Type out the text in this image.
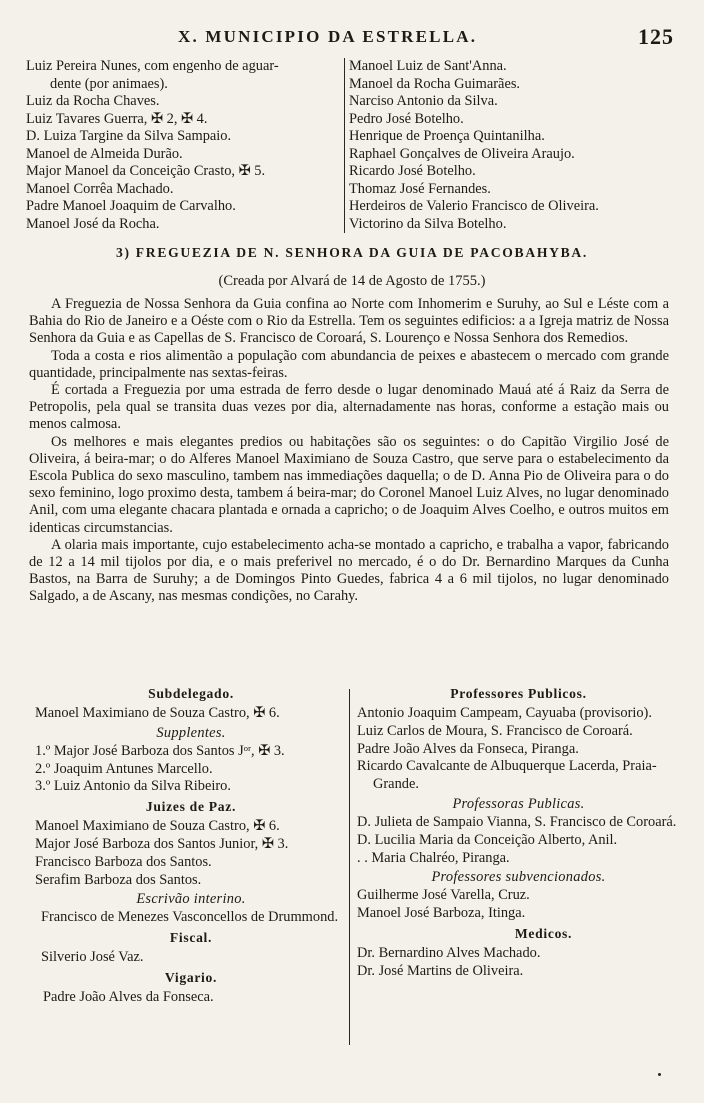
X. MUNICIPIO DA ESTRELLA.	125
Luiz Pereira Nunes, com engenho de aguar-
dente (por animaes).
Luiz da Rocha Chaves.
Luiz Tavares Guerra, ✠ 2, ✠ 4.
D. Luiza Targine da Silva Sampaio.
Manoel de Almeida Durão.
Major Manoel da Conceição Crasto, ✠ 5.
Manoel Corrêa Machado.
Padre Manoel Joaquim de Carvalho.
Manoel José da Rocha.
Manoel Luiz de Sant'Anna.
Manoel da Rocha Guimarães.
Narciso Antonio da Silva.
Pedro José Botelho.
Henrique de Proença Quintanilha.
Raphael Gonçalves de Oliveira Araujo.
Ricardo José Botelho.
Thomaz José Fernandes.
Herdeiros de Valerio Francisco de Oliveira.
Victorino da Silva Botelho.
3) FREGUEZIA DE N. SENHORA DA GUIA DE PACOBAHYBA.
(Creada por Alvará de 14 de Agosto de 1755.)

A Freguezia de Nossa Senhora da Guia confina ao Norte com Inhomerim e Suruhy, ao Sul e Léste com a Bahia do Rio de Janeiro e a Oéste com o Rio da Estrella. Tem os seguintes edificios: a a Igreja matriz de Nossa Senhora da Guia e as Capellas de S. Francisco de Coroará, S. Lourenço e Nossa Senhora dos Remedios.

Toda a costa e rios alimentão a população com abundancia de peixes e abastecem o mercado com grande quantidade, principalmente nas sextas-feiras.

É cortada a Freguezia por uma estrada de ferro desde o lugar denominado Mauá até á Raiz da Serra de Petropolis, pela qual se transita duas vezes por dia, alternadamente nas horas, conforme a estação mais ou menos calmosa.

Os melhores e mais elegantes predios ou habitações são os seguintes: o do Capitão Virgilio José de Oliveira, á beira-mar; o do Alferes Manoel Maximiano de Souza Castro, que serve para o estabelecimento da Escola Publica do sexo masculino, tambem nas immediações daquella; o de D. Anna Pio de Oliveira para o do sexo feminino, logo proximo desta, tambem á beira-mar; do Coronel Manoel Luiz Alves, no lugar denominado Anil, com uma elegante chacara plantada e ornada a capricho; o de Joaquim Alves Coelho, e outros muitos em identicas circumstancias.

A olaria mais importante, cujo estabelecimento acha-se montado a capricho, e trabalha a vapor, fabricando de 12 a 14 mil tijolos por dia, e o mais preferivel no mercado, é o do Dr. Bernardino Marques da Cunha Bastos, na Barra de Suruhy; a de Domingos Pinto Guedes, fabrica 4 a 6 mil tijolos, no lugar denominado Salgado, a de Ascany, nas mesmas condições, no Carahy.

Subdelegado.
Manoel Maximiano de Souza Castro, ✠ 6.
Supplentes.
1.º Major José Barboza dos Santos Jᵒʳ, ✠ 3.
2.º Joaquim Antunes Marcello.
3.º Luiz Antonio da Silva Ribeiro.
Juizes de Paz.
Manoel Maximiano de Souza Castro, ✠ 6.
Major José Barboza dos Santos Junior, ✠ 3.
Francisco Barboza dos Santos.
Serafim Barboza dos Santos.
Escrivão interino.
Francisco de Menezes Vasconcellos de Drummond.
Fiscal.
Silverio José Vaz.
Vigario.
Padre João Alves da Fonseca.
Professores Publicos.
Antonio Joaquim Campeam, Cayuaba (provisorio).
Luiz Carlos de Moura, S. Francisco de Coroará.
Padre João Alves da Fonseca, Piranga.
Ricardo Cavalcante de Albuquerque Lacerda, Praia-Grande.
Professoras Publicas.
D. Julieta de Sampaio Vianna, S. Francisco de Coroará.
D. Lucilia Maria da Conceição Alberto, Anil.
. . Maria Chalréo, Piranga.
Professores subvencionados.
Guilherme José Varella, Cruz.
Manoel José Barboza, Itinga.
Medicos.
Dr. Bernardino Alves Machado.
Dr. José Martins de Oliveira.
